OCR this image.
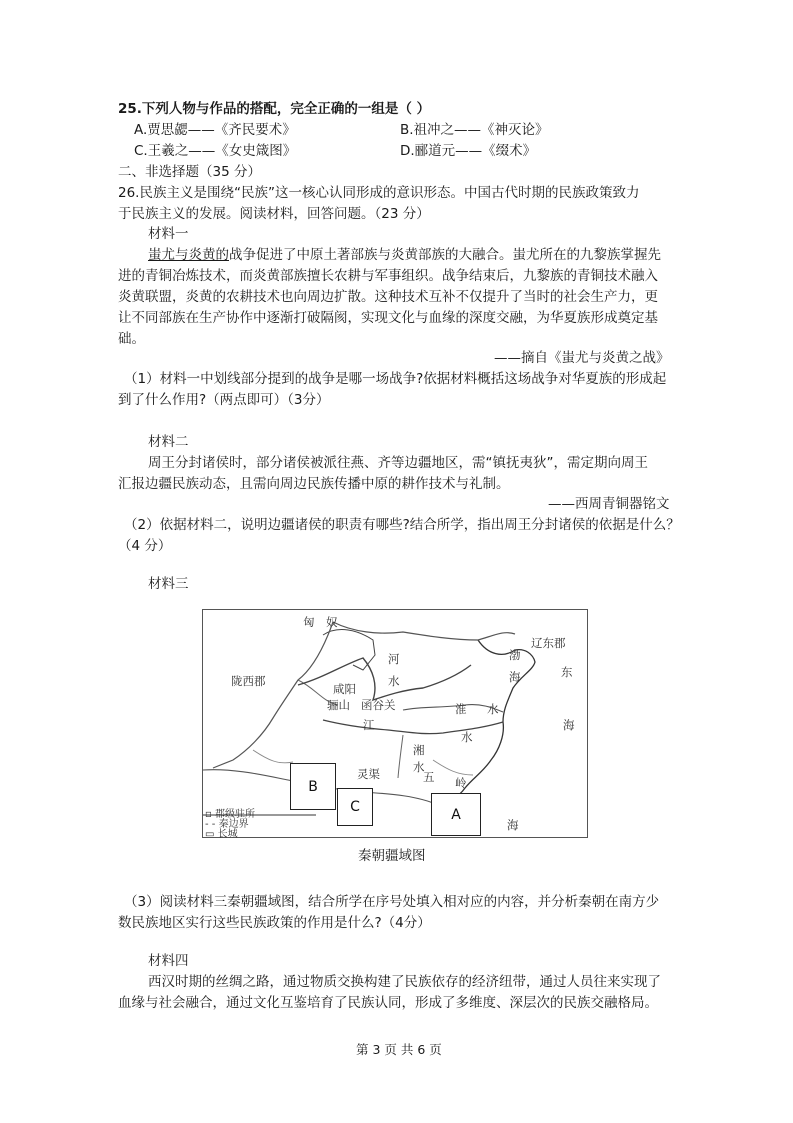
25.下列人物与作品的搭配，完全正确的一组是（ ）
A.贾思勰——《齐民要术》	B.祖冲之——《神灭论》
C.王羲之——《女史箴图》	D.郦道元——《缀术》
二、非选择题（35 分）
26.民族主义是围绕“民族”这一核心认同形成的意识形态。中国古代时期的民族政策致力
于民族主义的发展。阅读材料，回答问题。（23 分）
材料一
蚩尤与炎黄的战争促进了中原土著部族与炎黄部族的大融合。蚩尤所在的九黎族掌握先
进的青铜冶炼技术，而炎黄部族擅长农耕与军事组织。战争结束后，九黎族的青铜技术融入
炎黄联盟，炎黄的农耕技术也向周边扩散。这种技术互补不仅提升了当时的社会生产力，更
让不同部族在生产协作中逐渐打破隔阂，实现文化与血缘的深度交融，为华夏族形成奠定基
础。
——摘自《蚩尤与炎黄之战》
（1）材料一中划线部分提到的战争是哪一场战争?依据材料概括这场战争对华夏族的形成起
到了什么作用?（两点即可）（3分）
材料二
周王分封诸侯时，部分诸侯被派往燕、齐等边疆地区，需“镇抚夷狄”，需定期向周王
汇报边疆民族动态，且需向周边民族传播中原的耕作技术与礼制。
——西周青铜器铭文
（2）依据材料二，说明边疆诸侯的职责有哪些?结合所学，指出周王分封诸侯的依据是什么？
（4 分）
材料三
匈　奴
辽东郡
陇西郡
河
水
渤
海
咸阳
骊山 函谷关	淮 水
江
水
东
海
湘
水
灵渠	五 岭
海
B
C	A
▫ 郡级驻所
- - 秦边界
▭ 长城
秦朝疆域图
（3）阅读材料三秦朝疆域图，结合所学在序号处填入相对应的内容，并分析秦朝在南方少
数民族地区实行这些民族政策的作用是什么?（4分）
材料四
西汉时期的丝绸之路，通过物质交换构建了民族依存的经济纽带，通过人员往来实现了
血缘与社会融合，通过文化互鉴培育了民族认同，形成了多维度、深层次的民族交融格局。
第 3 页 共 6 页
